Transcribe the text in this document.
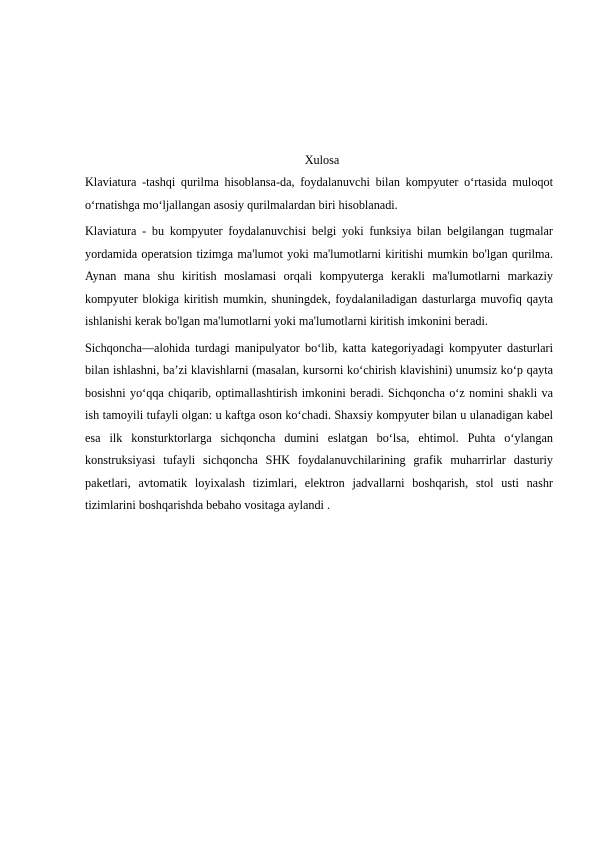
Xulosa

Klaviatura -tashqi qurilma hisoblansa-da, foydalanuvchi bilan kompyuter o‘rtasida muloqot o‘rnatishga mo‘ljallangan asosiy qurilmalardan biri hisoblanadi.

Klaviatura - bu kompyuter foydalanuvchisi belgi yoki funksiya bilan belgilangan tugmalar yordamida operatsion tizimga ma'lumot yoki ma'lumotlarni kiritishi mumkin bo'lgan qurilma. Aynan mana shu kiritish moslamasi orqali kompyuterga kerakli ma'lumotlarni markaziy kompyuter blokiga kiritish mumkin, shuningdek, foydalaniladigan dasturlarga muvofiq qayta ishlanishi kerak bo'lgan ma'lumotlarni yoki ma'lumotlarni kiritish imkonini beradi.

Sichqoncha—alohida turdagi manipulyator bo‘lib, katta kategoriyadagi kompyuter dasturlari bilan ishlashni, ba’zi klavishlarni (masalan, kursorni ko‘chirish klavishini) unumsiz ko‘p qayta bosishni yo‘qqa chiqarib, optimallashtirish imkonini beradi. Sichqoncha o‘z nomini shakli va ish tamoyili tufayli olgan: u kaftga oson ko‘chadi. Shaxsiy kompyuter bilan u ulanadigan kabel esa ilk konsturktorlarga sichqoncha dumini eslatgan bo‘lsa, ehtimol. Puhta o‘ylangan konstruksiyasi tufayli sichqoncha SHK foydalanuvchilarining grafik muharrirlar dasturiy paketlari, avtomatik loyixalash tizimlari, elektron jadvallarni boshqarish, stol usti nashr tizimlarini boshqarishda bebaho vositaga aylandi .
